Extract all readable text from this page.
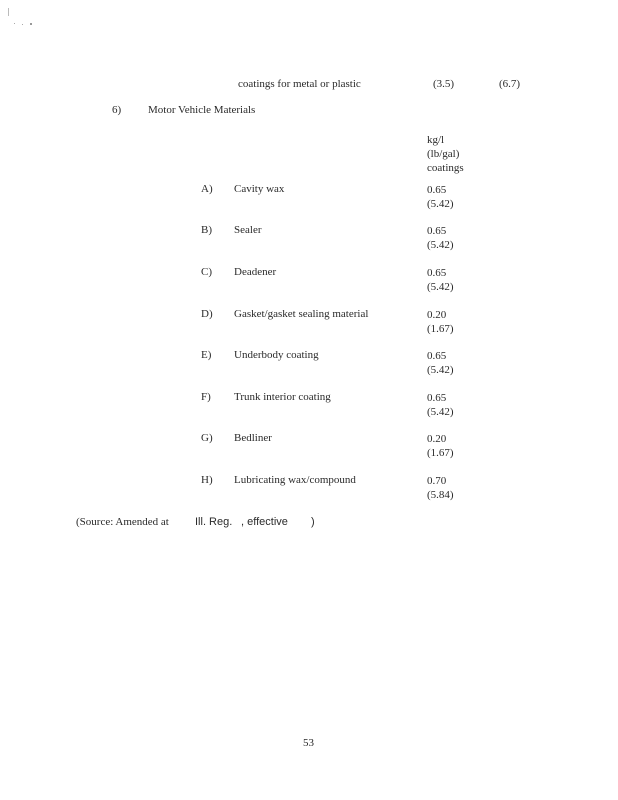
coatings for metal or plastic	(3.5)	(6.7)
6) Motor Vehicle Materials
kg/l
(lb/gal)
coatings
A) Cavity wax	0.65
(5.42)
B) Sealer	0.65
(5.42)
C) Deadener	0.65
(5.42)
D) Gasket/gasket sealing material	0.20
(1.67)
E) Underbody coating	0.65
(5.42)
F) Trunk interior coating	0.65
(5.42)
G) Bedliner	0.20
(1.67)
H) Lubricating wax/compound	0.70
(5.84)
(Source: Amended at Ill. Reg. , effective )
53
